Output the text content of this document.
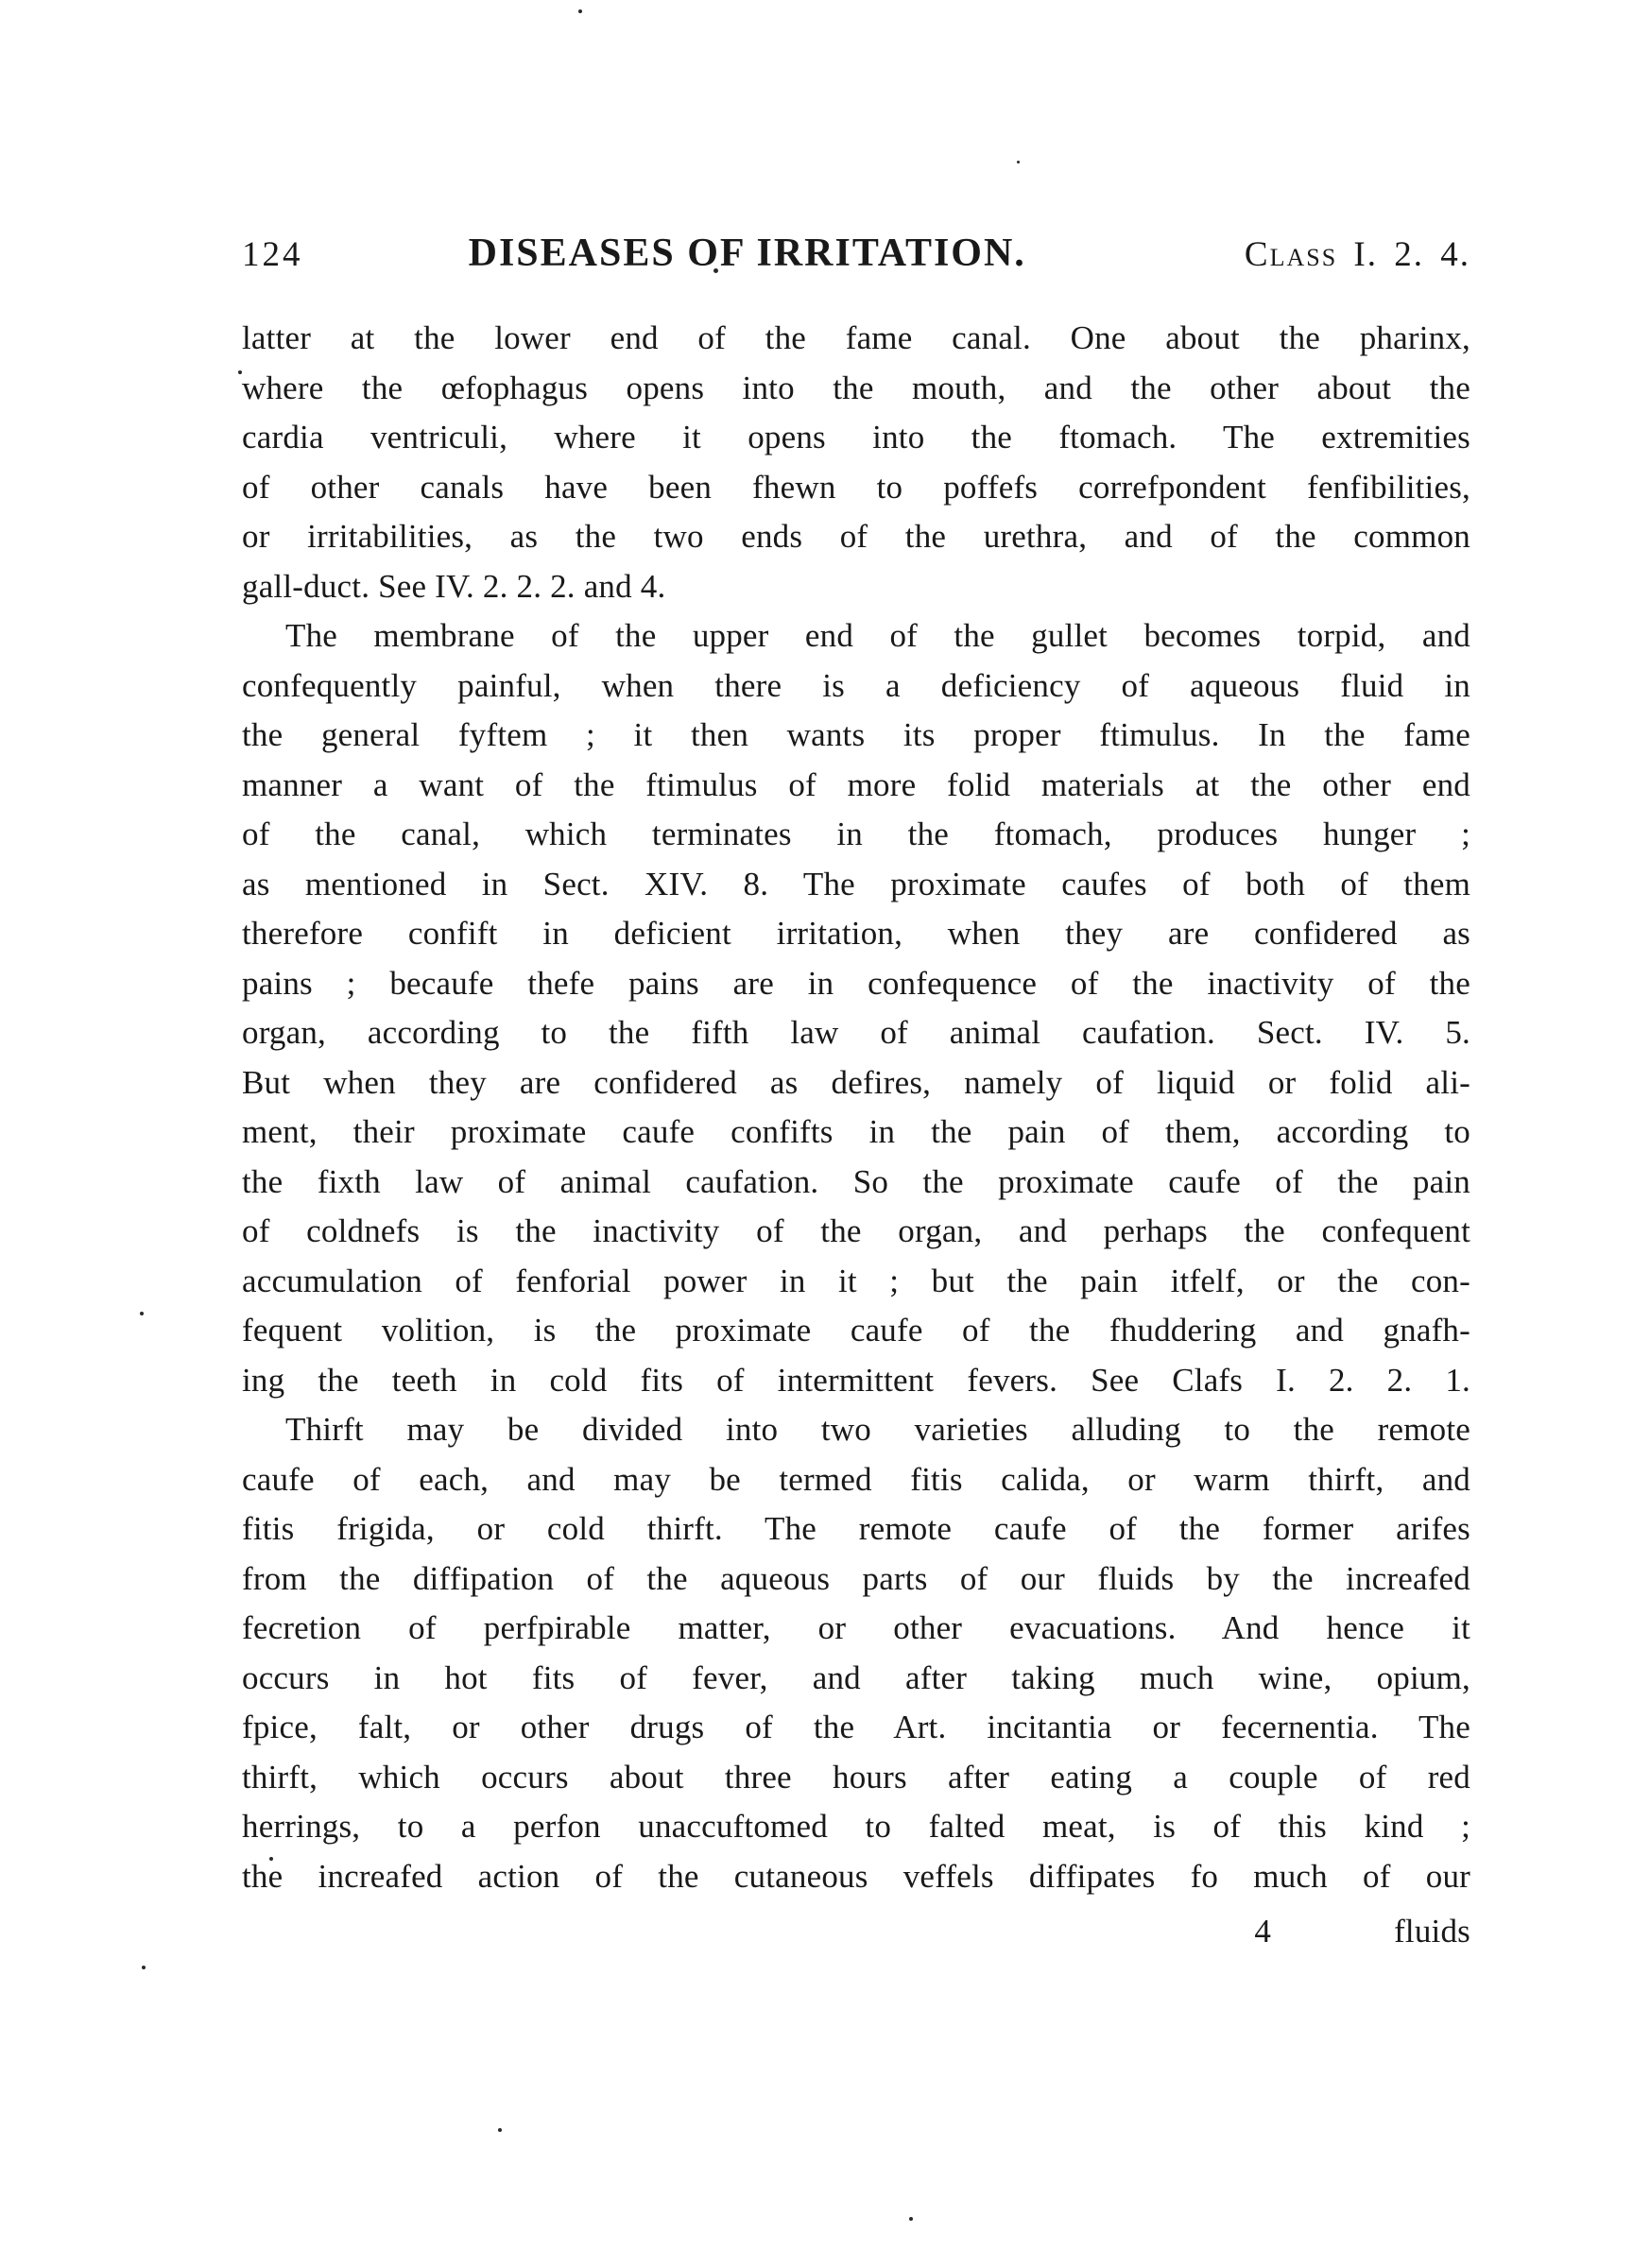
124	DISEASES OF IRRITATION.	Class I. 2. 4.
latter at the lower end of the fame canal. One about the pharinx,
where the œfophagus opens into the mouth, and the other about the
cardia ventriculi, where it opens into the ftomach. The extremities
of other canals have been fhewn to poffefs correfpondent fenfibilities,
or irritabilities, as the two ends of the urethra, and of the common
gall-duct. See IV. 2. 2. 2. and 4.
The membrane of the upper end of the gullet becomes torpid, and
confequently painful, when there is a deficiency of aqueous fluid in
the general fyftem ; it then wants its proper ftimulus. In the fame
manner a want of the ftimulus of more folid materials at the other end
of the canal, which terminates in the ftomach, produces hunger ;
as mentioned in Sect. XIV. 8. The proximate caufes of both of them
therefore confift in deficient irritation, when they are confidered as
pains ; becaufe thefe pains are in confequence of the inactivity of the
organ, according to the fifth law of animal caufation. Sect. IV. 5.
But when they are confidered as defires, namely of liquid or folid ali-
ment, their proximate caufe confifts in the pain of them, according to
the fixth law of animal caufation. So the proximate caufe of the pain
of coldnefs is the inactivity of the organ, and perhaps the confequent
accumulation of fenforial power in it ; but the pain itfelf, or the con-
fequent volition, is the proximate caufe of the fhuddering and gnafh-
ing the teeth in cold fits of intermittent fevers. See Clafs I. 2. 2. 1.
Thirft may be divided into two varieties alluding to the remote
caufe of each, and may be termed fitis calida, or warm thirft, and
fitis frigida, or cold thirft. The remote caufe of the former arifes
from the diffipation of the aqueous parts of our fluids by the increafed
fecretion of perfpirable matter, or other evacuations. And hence it
occurs in hot fits of fever, and after taking much wine, opium,
fpice, falt, or other drugs of the Art. incitantia or fecernentia. The
thirft, which occurs about three hours after eating a couple of red
herrings, to a perfon unaccuftomed to falted meat, is of this kind ;
the increafed action of the cutaneous veffels diffipates fo much of our
4	fluids
